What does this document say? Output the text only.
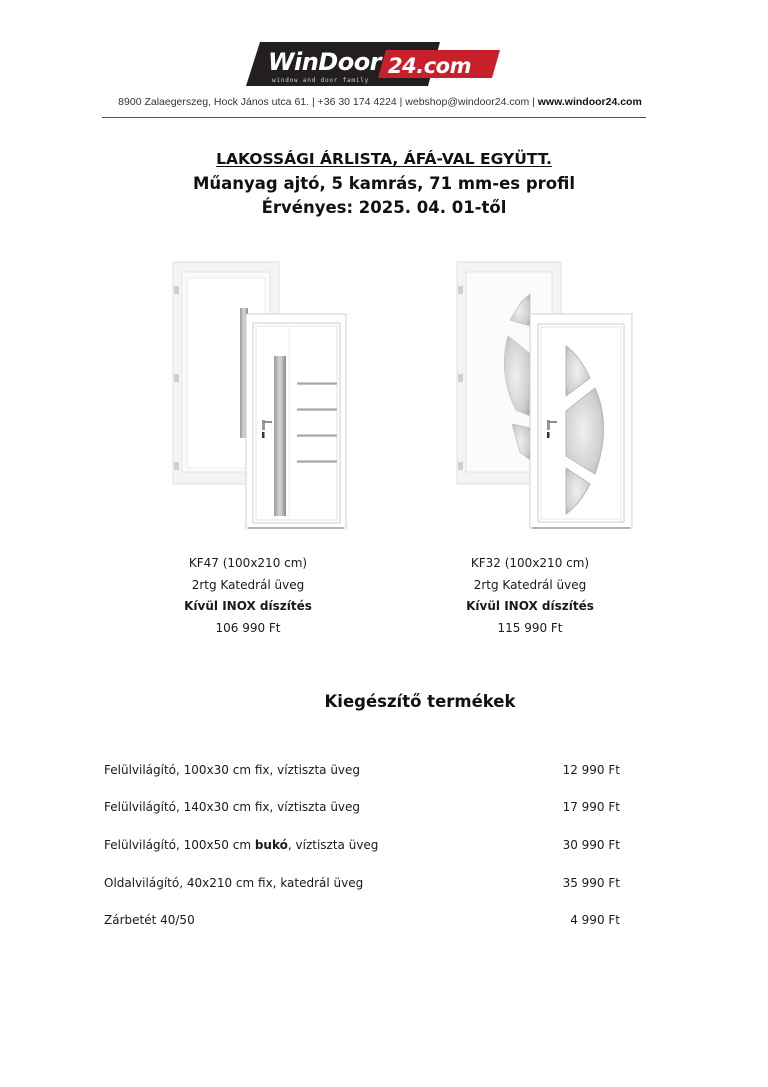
WinDoor 24.com
window and door family
8900 Zalaegerszeg, Hock János utca 61. | +36 30 174 4224 | webshop@windoor24.com | www.windoor24.com
LAKOSSÁGI ÁRLISTA, ÁFÁ-VAL EGYÜTT.
Műanyag ajtó, 5 kamrás, 71 mm-es profil
Érvényes: 2025. 04. 01-től
KF47 (100x210 cm)
2rtg Katedrál üveg
Kívül INOX díszítés
106 990 Ft
KF32 (100x210 cm)
2rtg Katedrál üveg
Kívül INOX díszítés
115 990 Ft
Kiegészítő termékek
Felülvilágító, 100x30 cm fix, víztiszta üveg	12 990 Ft
Felülvilágító, 140x30 cm fix, víztiszta üveg	17 990 Ft
Felülvilágító, 100x50 cm bukó, víztiszta üveg	30 990 Ft
Oldalvilágító, 40x210 cm fix, katedrál üveg	35 990 Ft
Zárbetét 40/50	4 990 Ft
